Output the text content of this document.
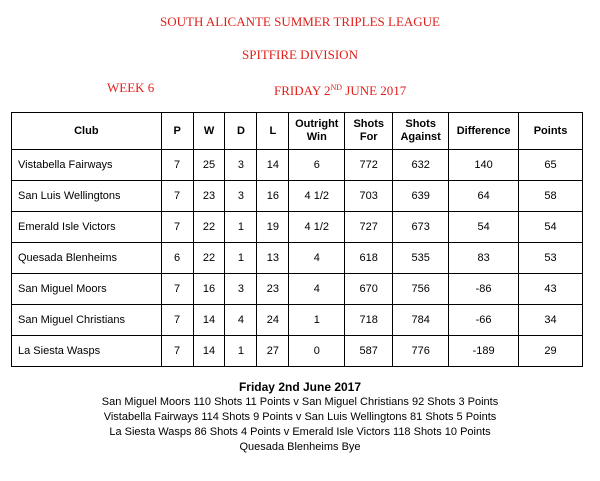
SOUTH ALICANTE SUMMER TRIPLES LEAGUE
SPITFIRE DIVISION
WEEK 6	FRIDAY 2ND JUNE 2017
Club	P	W	D	L	Outright Win	Shots For	Shots Against	Difference	Points
Vistabella Fairways	7	25	3	14	6	772	632	140	65
San Luis Wellingtons	7	23	3	16	4 1/2	703	639	64	58
Emerald Isle Victors	7	22	1	19	4 1/2	727	673	54	54
Quesada Blenheims	6	22	1	13	4	618	535	83	53
San Miguel Moors	7	16	3	23	4	670	756	-86	43
San Miguel Christians	7	14	4	24	1	718	784	-66	34
La Siesta Wasps	7	14	1	27	0	587	776	-189	29
Friday 2nd June 2017
San Miguel Moors 110 Shots 11 Points v San Miguel Christians 92 Shots 3 Points
Vistabella Fairways 114 Shots 9 Points v San Luis Wellingtons 81 Shots 5 Points
La Siesta Wasps 86 Shots 4 Points v Emerald Isle Victors 118 Shots 10 Points
Quesada Blenheims Bye
